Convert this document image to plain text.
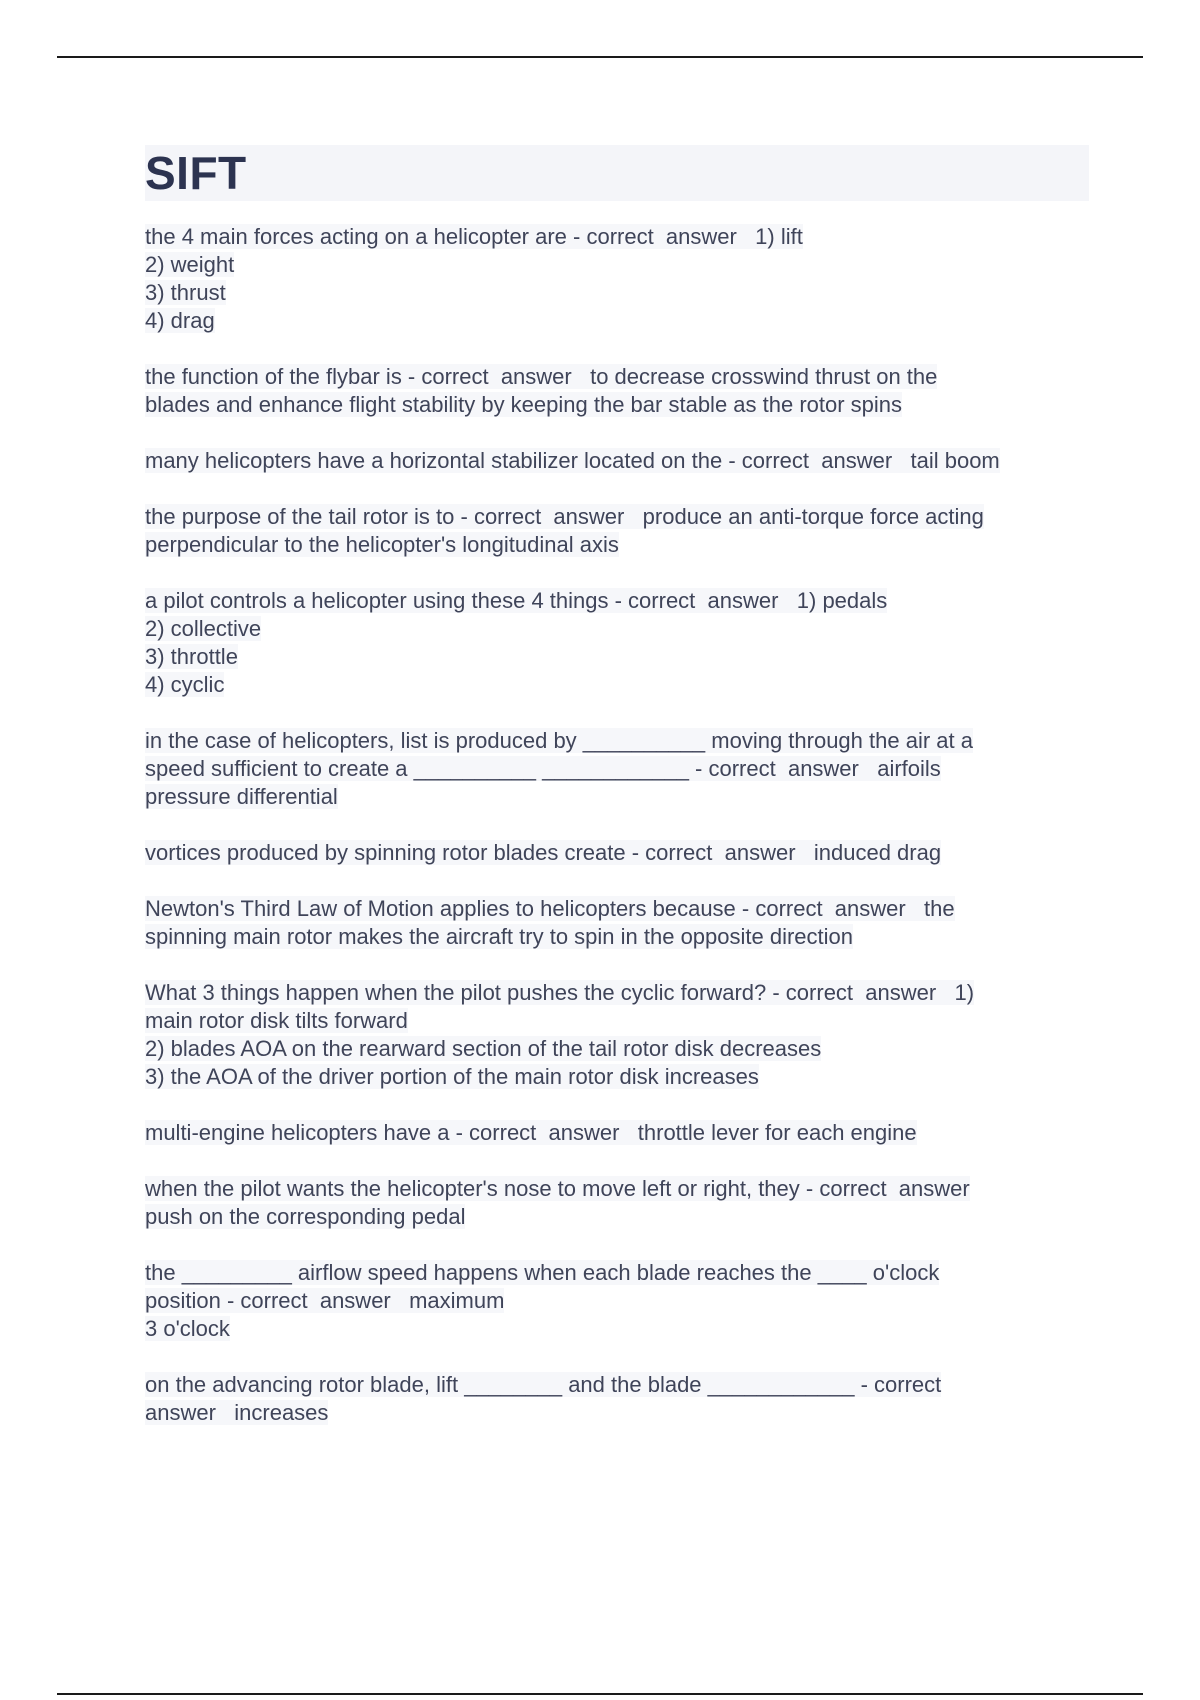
SIFT

the 4 main forces acting on a helicopter are - correct  answer   1) lift
2) weight
3) thrust
4) drag

the function of the flybar is - correct  answer   to decrease crosswind thrust on the
blades and enhance flight stability by keeping the bar stable as the rotor spins

many helicopters have a horizontal stabilizer located on the - correct  answer   tail boom

the purpose of the tail rotor is to - correct  answer   produce an anti-torque force acting
perpendicular to the helicopter's longitudinal axis

a pilot controls a helicopter using these 4 things - correct  answer   1) pedals
2) collective
3) throttle
4) cyclic

in the case of helicopters, list is produced by __________ moving through the air at a
speed sufficient to create a __________ ____________ - correct  answer   airfoils
pressure differential

vortices produced by spinning rotor blades create - correct  answer   induced drag

Newton's Third Law of Motion applies to helicopters because - correct  answer   the
spinning main rotor makes the aircraft try to spin in the opposite direction

What 3 things happen when the pilot pushes the cyclic forward? - correct  answer   1)
main rotor disk tilts forward
2) blades AOA on the rearward section of the tail rotor disk decreases
3) the AOA of the driver portion of the main rotor disk increases

multi-engine helicopters have a - correct  answer   throttle lever for each engine

when the pilot wants the helicopter's nose to move left or right, they - correct  answer
push on the corresponding pedal

the _________ airflow speed happens when each blade reaches the ____ o'clock
position - correct  answer   maximum
3 o'clock

on the advancing rotor blade, lift ________ and the blade ____________ - correct
answer   increases
